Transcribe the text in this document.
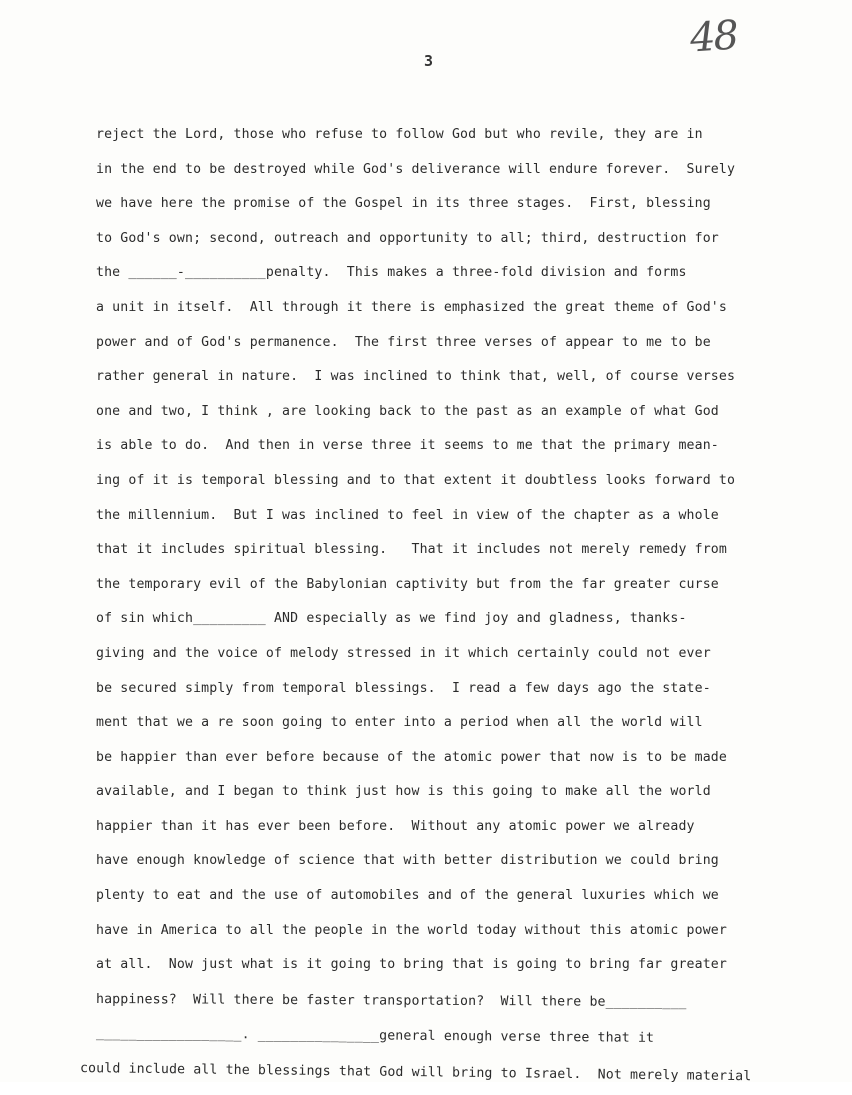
48
3
reject the Lord, those who refuse to follow God but who revile, they are in
in the end to be destroyed while God's deliverance will endure forever.  Surely
we have here the promise of the Gospel in its three stages.  First, blessing
to God's own; second, outreach and opportunity to all; third, destruction for
the ______-__________penalty.  This makes a three-fold division and forms
a unit in itself.  All through it there is emphasized the great theme of God's
power and of God's permanence.  The first three verses of appear to me to be
rather general in nature.  I was inclined to think that, well, of course verses
one and two, I think , are looking back to the past as an example of what God
is able to do.  And then in verse three it seems to me that the primary mean-
ing of it is temporal blessing and to that extent it doubtless looks forward to
the millennium.  But I was inclined to feel in view of the chapter as a whole
that it includes spiritual blessing.   That it includes not merely remedy from
the temporary evil of the Babylonian captivity but from the far greater curse
of sin which_________ AND especially as we find joy and gladness, thanks-
giving and the voice of melody stressed in it which certainly could not ever
be secured simply from temporal blessings.  I read a few days ago the state-
ment that we a re soon going to enter into a period when all the world will
be happier than ever before because of the atomic power that now is to be made
available, and I began to think just how is this going to make all the world
happier than it has ever been before.  Without any atomic power we already
have enough knowledge of science that with better distribution we could bring
plenty to eat and the use of automobiles and of the general luxuries which we
have in America to all the people in the world today without this atomic power
at all.  Now just what is it going to bring that is going to bring far greater
happiness?  Will there be faster transportation?  Will there be__________
__________________. _______________general enough verse three that it
could include all the blessings that God will bring to Israel.  Not merely material
